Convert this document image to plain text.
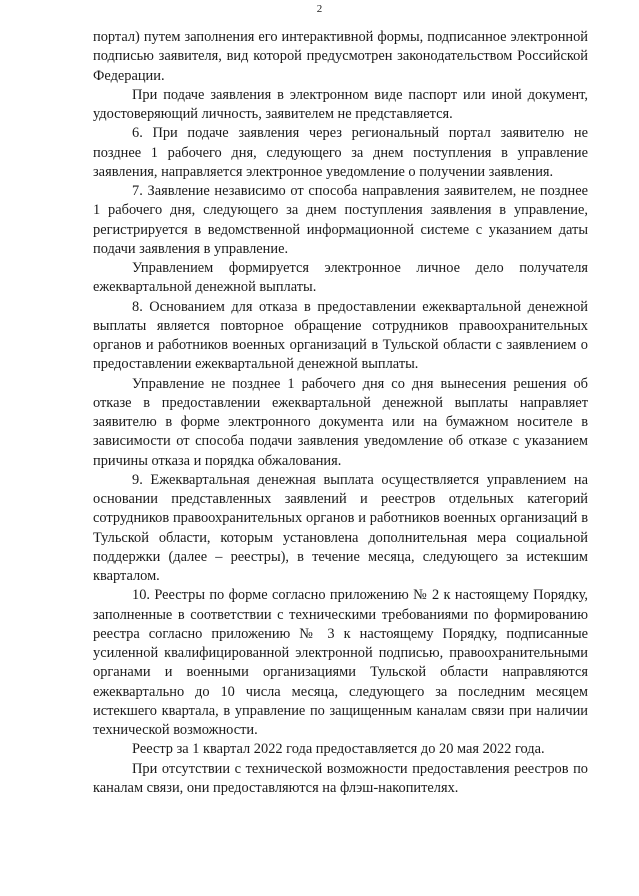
2

портал) путем заполнения его интерактивной формы, подписанное электронной подписью заявителя, вид которой предусмотрен законодательством Российской Федерации.

При подаче заявления в электронном виде паспорт или иной документ, удостоверяющий личность, заявителем не представляется.

6. При подаче заявления через региональный портал заявителю не позднее 1 рабочего дня, следующего за днем поступления в управление заявления, направляется электронное уведомление о получении заявления.

7. Заявление независимо от способа направления заявителем, не позднее 1 рабочего дня, следующего за днем поступления заявления в управление, регистрируется в ведомственной информационной системе с указанием даты подачи заявления в управление.

Управлением формируется электронное личное дело получателя ежеквартальной денежной выплаты.

8. Основанием для отказа в предоставлении ежеквартальной денежной выплаты является повторное обращение сотрудников правоохранительных органов и работников военных организаций в Тульской области с заявлением о предоставлении ежеквартальной денежной выплаты.

Управление не позднее 1 рабочего дня со дня вынесения решения об отказе в предоставлении ежеквартальной денежной выплаты направляет заявителю в форме электронного документа или на бумажном носителе в зависимости от способа подачи заявления уведомление об отказе с указанием причины отказа и порядка обжалования.

9. Ежеквартальная денежная выплата осуществляется управлением на основании представленных заявлений и реестров отдельных категорий сотрудников правоохранительных органов и работников военных организаций в Тульской области, которым установлена дополнительная мера социальной поддержки (далее – реестры), в течение месяца, следующего за истекшим кварталом.

10. Реестры по форме согласно приложению № 2 к настоящему Порядку, заполненные в соответствии с техническими требованиями по формированию реестра согласно приложению № 3 к настоящему Порядку, подписанные усиленной квалифицированной электронной подписью, правоохранительными органами и военными организациями Тульской области направляются ежеквартально до 10 числа месяца, следующего за последним месяцем истекшего квартала, в управление по защищенным каналам связи при наличии технической возможности.

Реестр за 1 квартал 2022 года предоставляется до 20 мая 2022 года.

При отсутствии с технической возможности предоставления реестров по каналам связи, они предоставляются на флэш-накопителях.
